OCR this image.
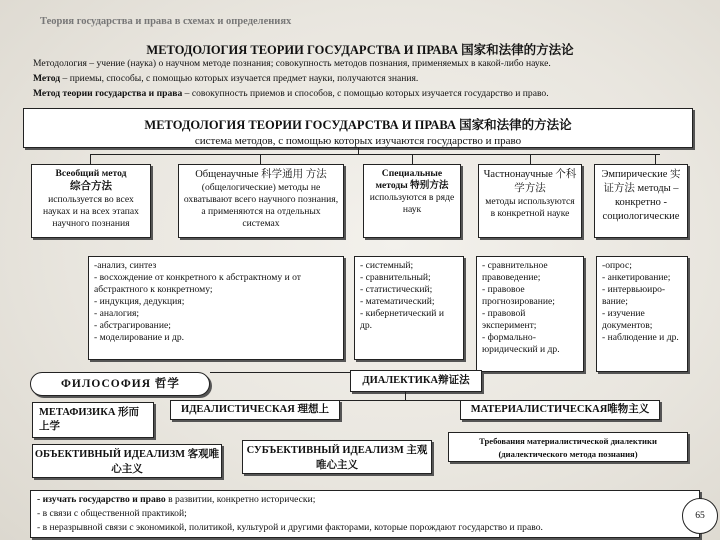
Теория государства и права в схемах и определениях
МЕТОДОЛОГИЯ ТЕОРИИ ГОСУДАРСТВА И ПРАВА 国家和法律的方法论
Методология – учение (наука) о научном методе познания; совокупность методов познания, применяемых в какой-либо науке.
Метод – приемы, способы, с помощью которых изучается предмет науки, получаются знания.
Метод теории государства и права – совокупность приемов и способов, с помощью которых изучается государство и право.
МЕТОДОЛОГИЯ ТЕОРИИ ГОСУДАРСТВА И ПРАВА 国家和法律的方法论
система методов, с помощью которых изучаются государство и право
Всеобщий метод
综合方法
используется во всех науках и на всех этапах научного познания
Общенаучные 科学通用 方法
(общелогические) методы не охватывают всего научного познания, а применяются на отдельных системах
Специальные методы 特别方法
используются в ряде наук
Частнонаучные 个科学方法
методы используются в конкретной науке
Эмпирические 实证方法 методы – конкретно - социологические
-анализ, синтез
- восхождение от конкретного к абстрактному и от абстрактного к конкретному;
- индукция, дедукция;
- аналогия;
- абстрагирование;
- моделирование и др.
- системный;
- сравнительный;
- статистический;
- математический;
- кибернетический и др.
- сравнительное правоведение;
- правовое прогнозирование;
- правовой эксперимент;
- формально-юридический и др.
-опрос;
- анкетирование;
- интервьюиро-вание;
- изучение документов;
- наблюдение и др.
ФИЛОСОФИЯ 哲学	ДИАЛЕКТИКА辩证法
МЕТАФИЗИКА 形而上学
ИДЕАЛИСТИЧЕСКАЯ 理想上	МАТЕРИАЛИСТИЧЕСКАЯ唯物主义
ОБЪЕКТИВНЫЙ ИДЕАЛИЗМ 客观唯心主义
СУБЪЕКТИВНЫЙ ИДЕАЛИЗМ 主观唯心主义
Требования материалистической диалектики (диалектического метода познания)
- изучать государство и право в развитии, конкретно исторически;
- в связи с общественной практикой;
- в неразрывной связи с экономикой, политикой, культурой и другими факторами, которые порождают государство и право.
65
